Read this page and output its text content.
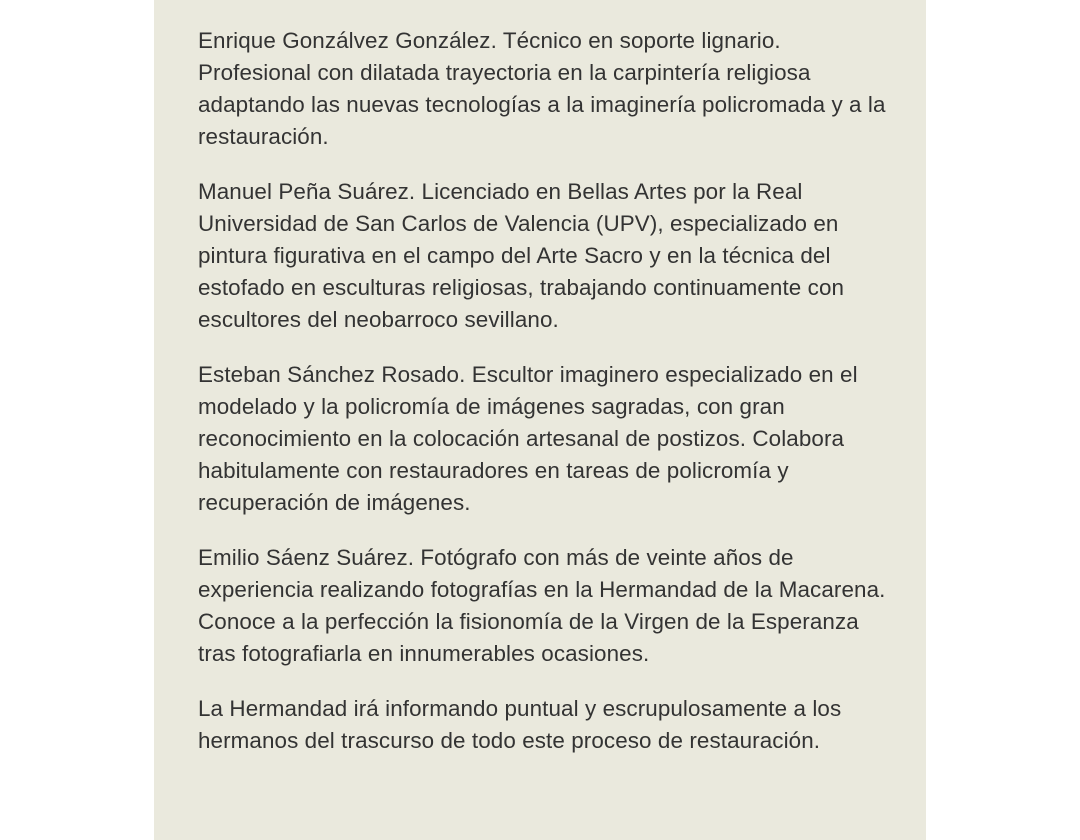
Enrique Gonzálvez González. Técnico en soporte lignario. Profesional con dilatada trayectoria en la carpintería religiosa adaptando las nuevas tecnologías a la imaginería policromada y a la restauración.

Manuel Peña Suárez. Licenciado en Bellas Artes por la Real Universidad de San Carlos de Valencia (UPV), especializado en pintura figurativa en el campo del Arte Sacro y en la técnica del estofado en esculturas religiosas, trabajando continuamente con escultores del neobarroco sevillano.

Esteban Sánchez Rosado. Escultor imaginero especializado en el modelado y la policromía de imágenes sagradas, con gran reconocimiento en la colocación artesanal de postizos. Colabora habitulamente con restauradores en tareas de policromía y recuperación de imágenes.

Emilio Sáenz Suárez. Fotógrafo con más de veinte años de experiencia realizando fotografías en la Hermandad de la Macarena. Conoce a la perfección la fisionomía de la Virgen de la Esperanza tras fotografiarla en innumerables ocasiones.

La Hermandad irá informando puntual y escrupulosamente a los hermanos del trascurso de todo este proceso de restauración.
